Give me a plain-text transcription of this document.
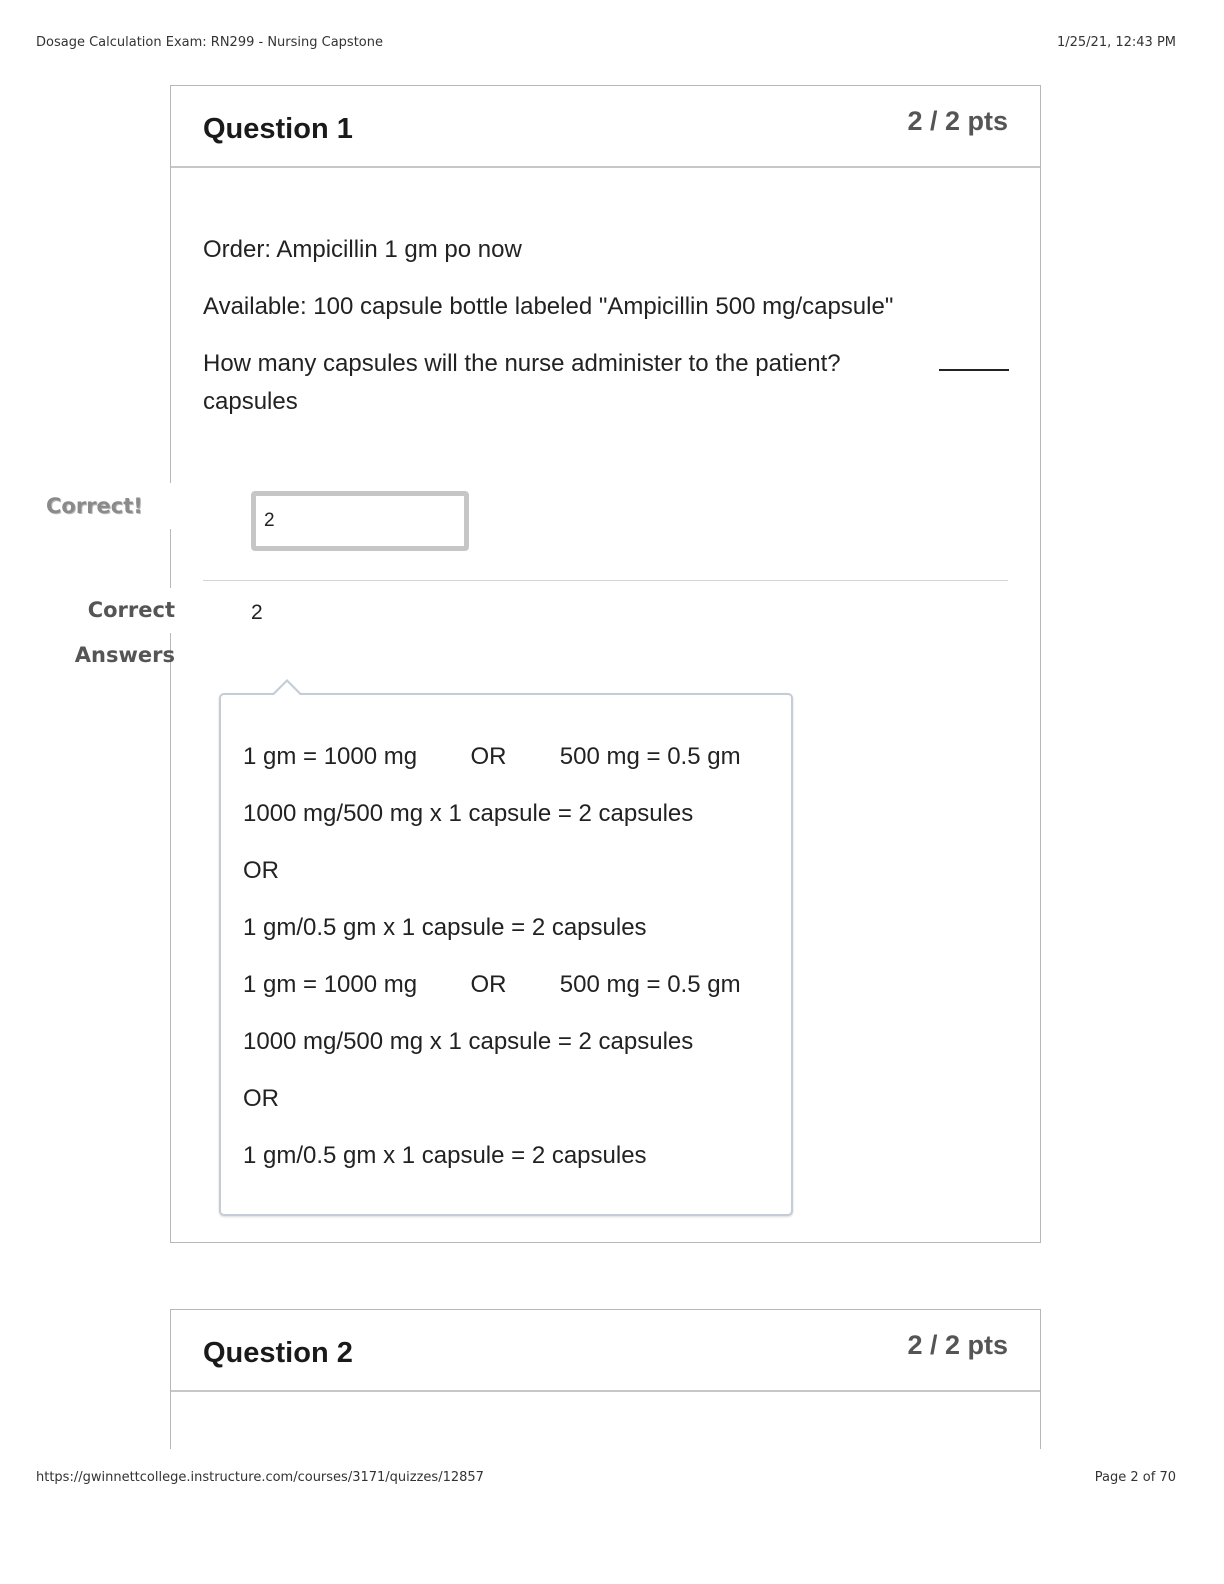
Dosage Calculation Exam: RN299 - Nursing Capstone	1/25/21, 12:43 PM
Correct!
Correct Answers
Question 1	2 / 2 pts

Order: Ampicillin 1 gm po now

Available: 100 capsule bottle labeled "Ampicillin 500 mg/capsule"

How many capsules will the nurse administer to the patient?

capsules

2
2
1 gm = 1000 mg        OR        500 mg = 0.5 gm
1000 mg/500 mg x 1 capsule = 2 capsules
OR
1 gm/0.5 gm x 1 capsule = 2 capsules
1 gm = 1000 mg        OR        500 mg = 0.5 gm
1000 mg/500 mg x 1 capsule = 2 capsules
OR
1 gm/0.5 gm x 1 capsule = 2 capsules
Question 2	2 / 2 pts
https://gwinnettcollege.instructure.com/courses/3171/quizzes/12857	Page 2 of 70
